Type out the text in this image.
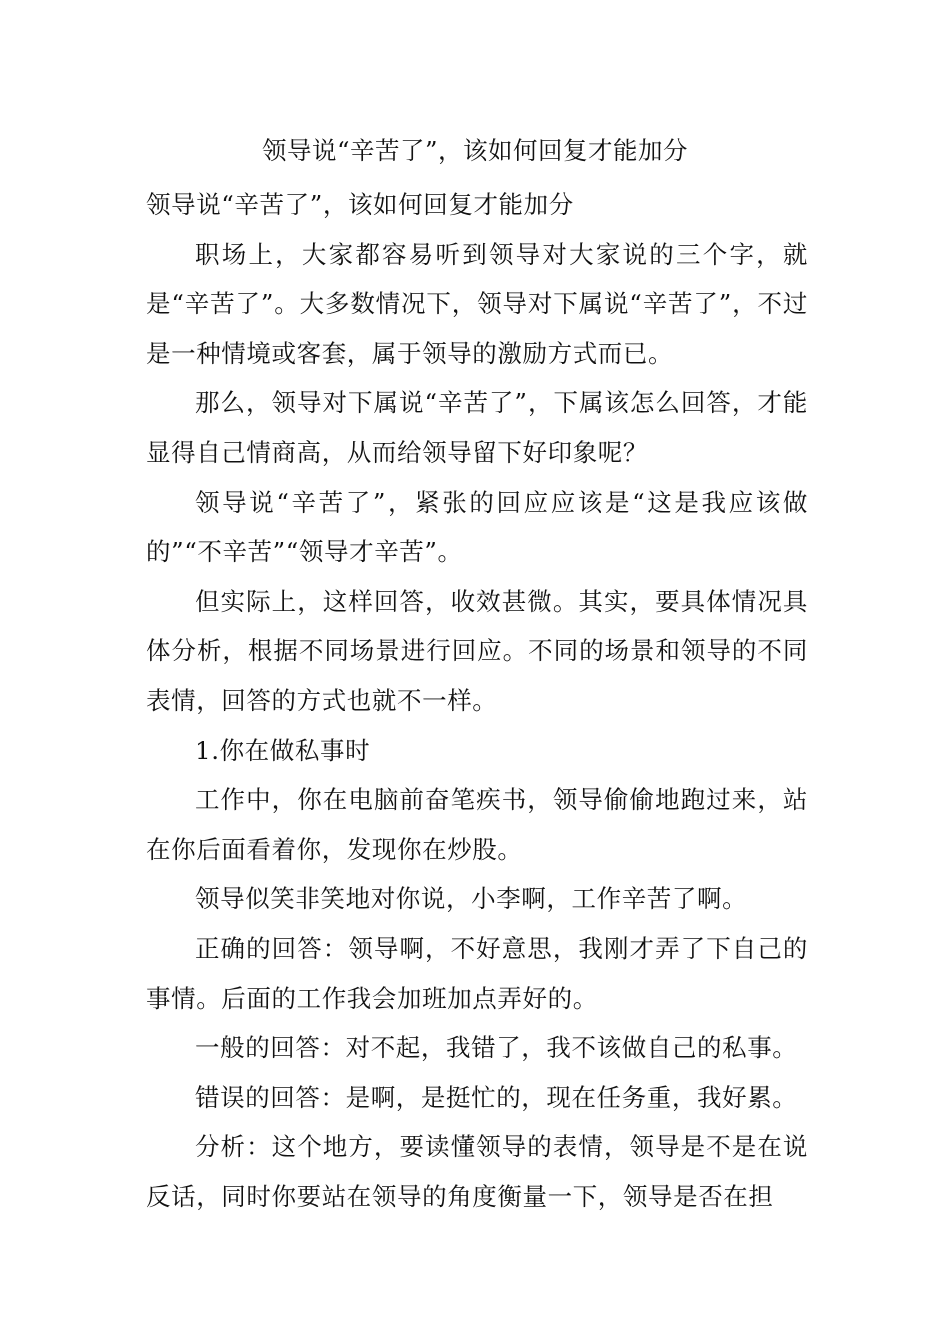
领导说“辛苦了”，该如何回复才能加分

领导说“辛苦了”，该如何回复才能加分

职场上，大家都容易听到领导对大家说的三个字，就是“辛苦了”。大多数情况下，领导对下属说“辛苦了”，不过是一种情境或客套，属于领导的激励方式而已。

那么，领导对下属说“辛苦了”，下属该怎么回答，才能显得自己情商高，从而给领导留下好印象呢？

领导说“辛苦了”，紧张的回应应该是“这是我应该做的”“不辛苦”“领导才辛苦”。

但实际上，这样回答，收效甚微。其实，要具体情况具体分析，根据不同场景进行回应。不同的场景和领导的不同表情，回答的方式也就不一样。

1.你在做私事时

工作中，你在电脑前奋笔疾书，领导偷偷地跑过来，站在你后面看着你，发现你在炒股。

领导似笑非笑地对你说，小李啊，工作辛苦了啊。

正确的回答：领导啊，不好意思，我刚才弄了下自己的事情。后面的工作我会加班加点弄好的。

一般的回答：对不起，我错了，我不该做自己的私事。

错误的回答：是啊，是挺忙的，现在任务重，我好累。

分析：这个地方，要读懂领导的表情，领导是不是在说反话，同时你要站在领导的角度衡量一下，领导是否在担
